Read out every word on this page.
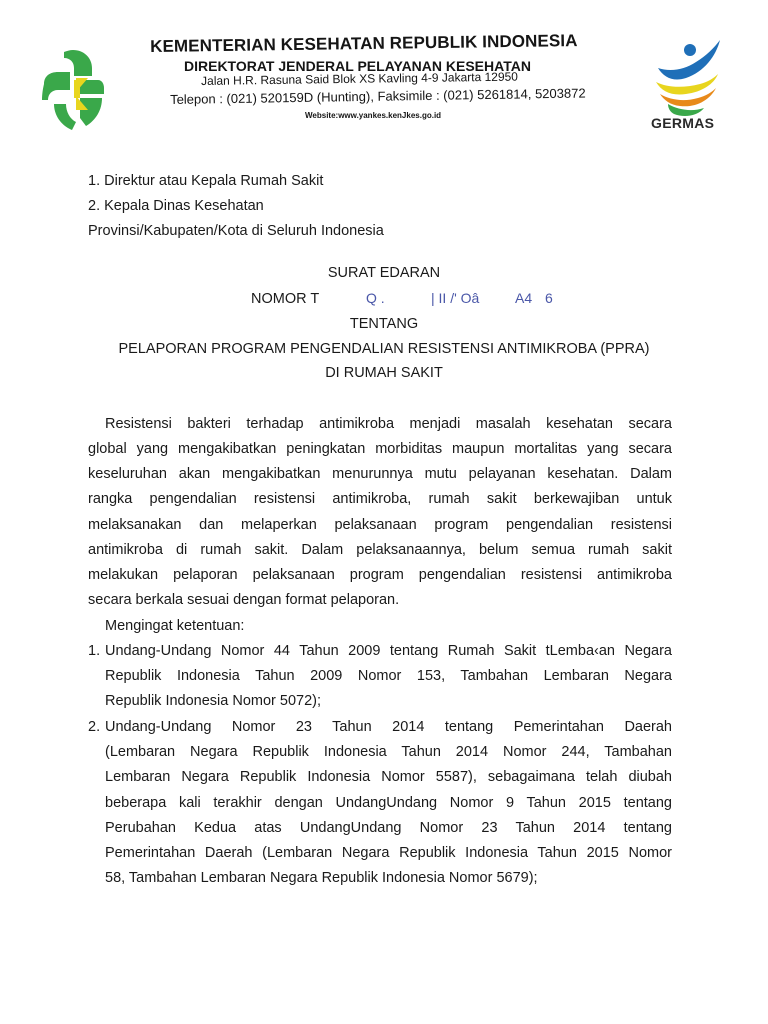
KEMENTERIAN KESEHATAN REPUBLIK INDONESIA
DIREKTORAT JENDERAL PELAYANAN KESEHATAN
Jalan H.R. Rasuna Said Blok XS Kavling 4-9 Jakarta 12950
Telepon : (021) 520159D (Hunting), Faksimile : (021) 5261814, 5203872
Website:www.yankes.kenJkes.go.id	GERMAS
1. Direktur atau Kepala Rumah Sakit
2. Kepala Dinas Kesehatan
Provinsi/Kabupaten/Kota di Seluruh Indonesia
SURAT EDARAN
NOMOR T	Q .	| II /' Oâ	A4 6
TENTANG
PELAPORAN PROGRAM PENGENDALIAN RESISTENSI ANTIMIKROBA (PPRA)
DI RUMAH SAKIT
Resistensi bakteri terhadap antimikroba menjadi masalah kesehatan secara
global yang mengakibatkan peningkatan morbiditas maupun mortalitas yang secara
keseluruhan akan mengakibatkan menurunnya mutu pelayanan kesehatan. Dalam
rangka pengendalian resistensi antimikroba, rumah sakit berkewajiban untuk
melaksanakan dan melaperkan pelaksanaan program pengendalian resistensi
antimikroba di rumah sakit. Dalam pelaksanaannya, belum semua rumah sakit
melakukan pelaporan pelaksanaan program pengendalian resistensi antimikroba
secara berkala sesuai dengan format pelaporan.
Mengingat ketentuan:
1. Undang-Undang Nomor 44 Tahun 2009 tentang Rumah Sakit tLemba‹an Negara
Republik Indonesia Tahun 2009 Nomor 153, Tambahan Lembaran Negara
Republik Indonesia Nomor 5072);
2. Undang-Undang Nomor 23 Tahun 2014 tentang Pemerintahan Daerah
(Lembaran Negara Republik Indonesia Tahun 2014 Nomor 244, Tambahan
Lembaran Negara Republik Indonesia Nomor 5587), sebagaimana telah diubah
beberapa kali terakhir dengan UndangUndang Nomor 9 Tahun 2015 tentang
Perubahan Kedua atas UndangUndang Nomor 23 Tahun 2014 tentang
Pemerintahan Daerah (Lembaran Negara Republik Indonesia Tahun 2015 Nomor
58, Tambahan Lembaran Negara Republik Indonesia Nomor 5679);
